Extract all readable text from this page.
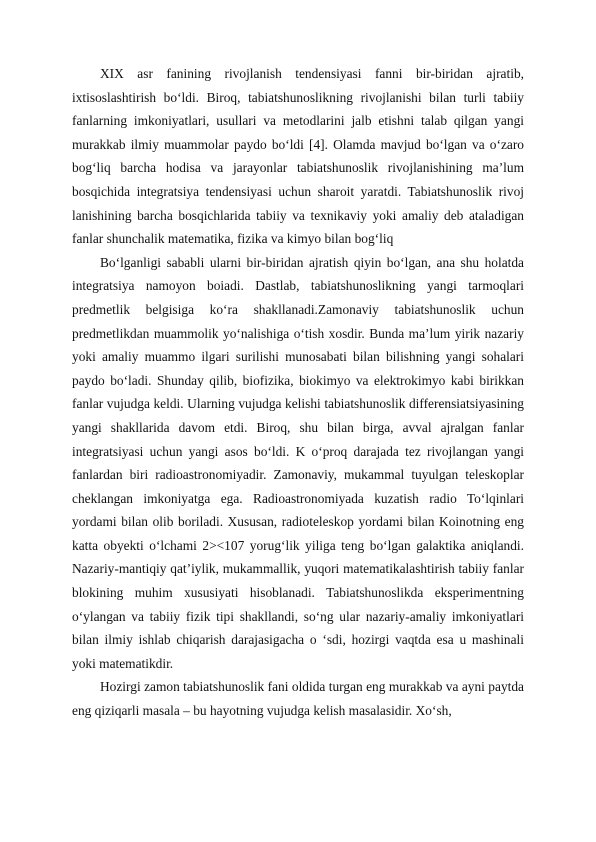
XIX asr fanining rivojlanish tendensiyasi fanni bir-biridan ajratib, ixtisoslashtirish bo‘ldi. Biroq, tabiatshunoslikning rivojlanishi bilan turli tabiiy fanlarning imkoniyatlari, usullari va metodlarini jalb etishni talab qilgan yangi murakkab ilmiy muammolar paydo bo‘ldi [4]. Olamda mavjud bo‘lgan va o‘zaro bog‘liq barcha hodisa va jarayonlar tabiatshunoslik rivojlanishining ma’lum bosqichida integratsiya tendensiyasi uchun sharoit yaratdi. Tabiatshunoslik rivoj lanishining barcha bosqichlarida tabiiy va texnikaviy yoki amaliy deb ataladigan fanlar shunchalik matematika, fizika va kimyo bilan bog‘liq

Bo‘lganligi sababli ularni bir-biridan ajratish qiyin bo‘lgan, ana shu holatda integratsiya namoyon boiadi. Dastlab, tabiatshunoslikning yangi tarmoqlari predmetlik belgisiga ko‘ra shakllanadi.Zamonaviy tabiatshunoslik uchun predmetlikdan muammolik yo‘nalishiga o‘tish xosdir. Bunda ma’lum yirik nazariy yoki amaliy muammo ilgari surilishi munosabati bilan bilishning yangi sohalari paydo bo‘ladi. Shunday qilib, biofizika, biokimyo va elektrokimyo kabi birikkan fanlar vujudga keldi. Ularning vujudga kelishi tabiatshunoslik differensiatsiyasining yangi shakllarida davom etdi. Biroq, shu bilan birga, avval ajralgan fanlar integratsiyasi uchun yangi asos bo‘ldi. K o‘proq darajada tez rivojlangan yangi fanlardan biri radioastronomiyadir. Zamonaviy, mukammal tuyulgan teleskoplar cheklangan imkoniyatga ega. Radioastronomiyada kuzatish radio To‘lqinlari yordami bilan olib boriladi. Xususan, radioteleskop yordami bilan Koinotning eng katta obyekti o‘lchami 2><107 yorug‘lik yiliga teng bo‘lgan galaktika aniqlandi. Nazariy-mantiqiy qat’iylik, mukammallik, yuqori matematikalashtirish tabiiy fanlar blokining muhim xususiyati hisoblanadi. Tabiatshunoslikda eksperimentning o‘ylangan va tabiiy fizik tipi shakllandi, so‘ng ular nazariy-amaliy imkoniyatlari bilan ilmiy ishlab chiqarish darajasigacha o ‘sdi, hozirgi vaqtda esa u mashinali yoki matematikdir.

Hozirgi zamon tabiatshunoslik fani oldida turgan eng murakkab va ayni paytda eng qiziqarli masala – bu hayotning vujudga kelish masalasidir. Xo‘sh,
